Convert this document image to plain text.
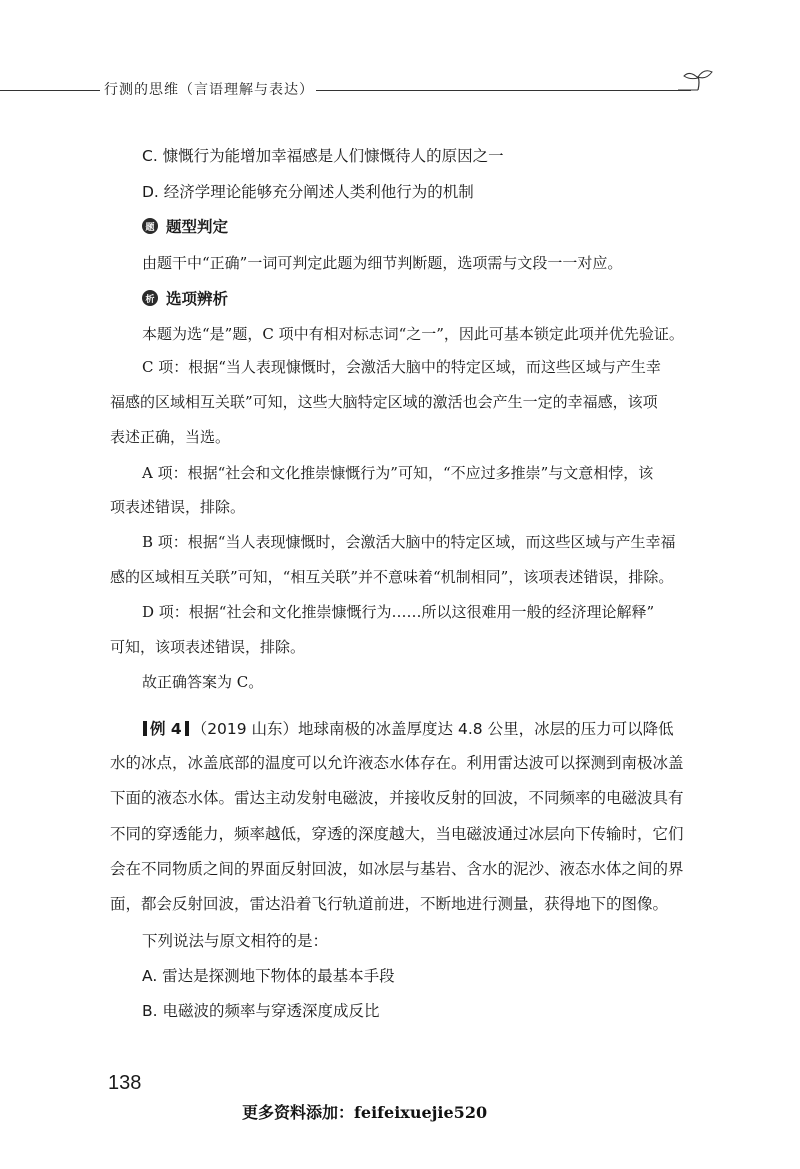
行测的思维（言语理解与表达）
C. 慷慨行为能增加幸福感是人们慷慨待人的原因之一
D. 经济学理论能够充分阐述人类利他行为的机制
题 题型判定
由题干中“正确”一词可判定此题为细节判断题，选项需与文段一一对应。
析 选项辨析
本题为选“是”题，C 项中有相对标志词“之一”，因此可基本锁定此项并优先验证。
C 项：根据“当人表现慷慨时，会激活大脑中的特定区域，而这些区域与产生幸
福感的区域相互关联”可知，这些大脑特定区域的激活也会产生一定的幸福感，该项
表述正确，当选。
A 项：根据“社会和文化推崇慷慨行为”可知，“不应过多推崇”与文意相悖，该
项表述错误，排除。
B 项：根据“当人表现慷慨时，会激活大脑中的特定区域，而这些区域与产生幸福
感的区域相互关联”可知，“相互关联”并不意味着“机制相同”，该项表述错误，排除。
D 项：根据“社会和文化推崇慷慨行为……所以这很难用一般的经济理论解释”
可知，该项表述错误，排除。
故正确答案为 C。
例 4 （2019 山东）地球南极的冰盖厚度达 4.8 公里，冰层的压力可以降低
水的冰点，冰盖底部的温度可以允许液态水体存在。利用雷达波可以探测到南极冰盖
下面的液态水体。雷达主动发射电磁波，并接收反射的回波，不同频率的电磁波具有
不同的穿透能力，频率越低，穿透的深度越大，当电磁波通过冰层向下传输时，它们
会在不同物质之间的界面反射回波，如冰层与基岩、含水的泥沙、液态水体之间的界
面，都会反射回波，雷达沿着飞行轨道前进，不断地进行测量，获得地下的图像。
下列说法与原文相符的是：
A. 雷达是探测地下物体的最基本手段
B. 电磁波的频率与穿透深度成反比
138
更多资料添加：feifeixuejie520
